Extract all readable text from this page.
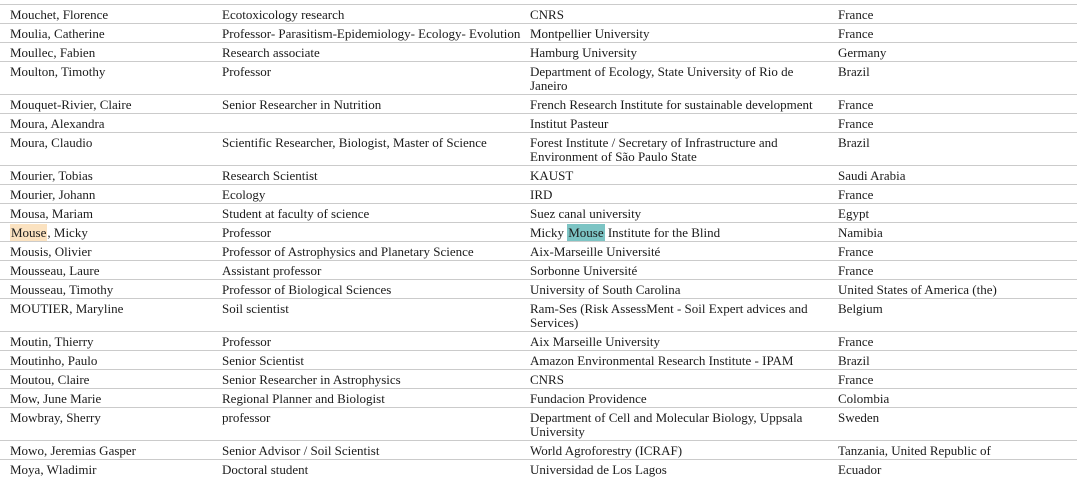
Mouchet, Florence	Ecotoxicology research	CNRS	France
Moulia, Catherine	Professor- Parasitism-Epidemiology- Ecology- Evolution	Montpellier University	France
Moullec, Fabien	Research associate	Hamburg University	Germany
Moulton, Timothy	Professor	Department of Ecology, State University of Rio de Janeiro	Brazil
Mouquet-Rivier, Claire	Senior Researcher in Nutrition	French Research Institute for sustainable development	France
Moura, Alexandra		Institut Pasteur	France
Moura, Claudio	Scientific Researcher, Biologist, Master of Science	Forest Institute / Secretary of Infrastructure and Environment of São Paulo State	Brazil
Mourier, Tobias	Research Scientist	KAUST	Saudi Arabia
Mourier, Johann	Ecology	IRD	France
Mousa, Mariam	Student at faculty of science	Suez canal university	Egypt
Mouse, Micky	Professor	Micky Mouse Institute for the Blind	Namibia
Mousis, Olivier	Professor of Astrophysics and Planetary Science	Aix-Marseille Université	France
Mousseau, Laure	Assistant professor	Sorbonne Université	France
Mousseau, Timothy	Professor of Biological Sciences	University of South Carolina	United States of America (the)
MOUTIER, Maryline	Soil scientist	Ram-Ses (Risk AssessMent - Soil Expert advices and Services)	Belgium
Moutin, Thierry	Professor	Aix Marseille University	France
Moutinho, Paulo	Senior Scientist	Amazon Environmental Research Institute - IPAM	Brazil
Moutou, Claire	Senior Researcher in Astrophysics	CNRS	France
Mow, June Marie	Regional Planner and Biologist	Fundacion Providence	Colombia
Mowbray, Sherry	professor	Department of Cell and Molecular Biology, Uppsala University	Sweden
Mowo, Jeremias Gasper	Senior Advisor / Soil Scientist	World Agroforestry (ICRAF)	Tanzania, United Republic of
Moya, Wladimir	Doctoral student	Universidad de Los Lagos	Ecuador
